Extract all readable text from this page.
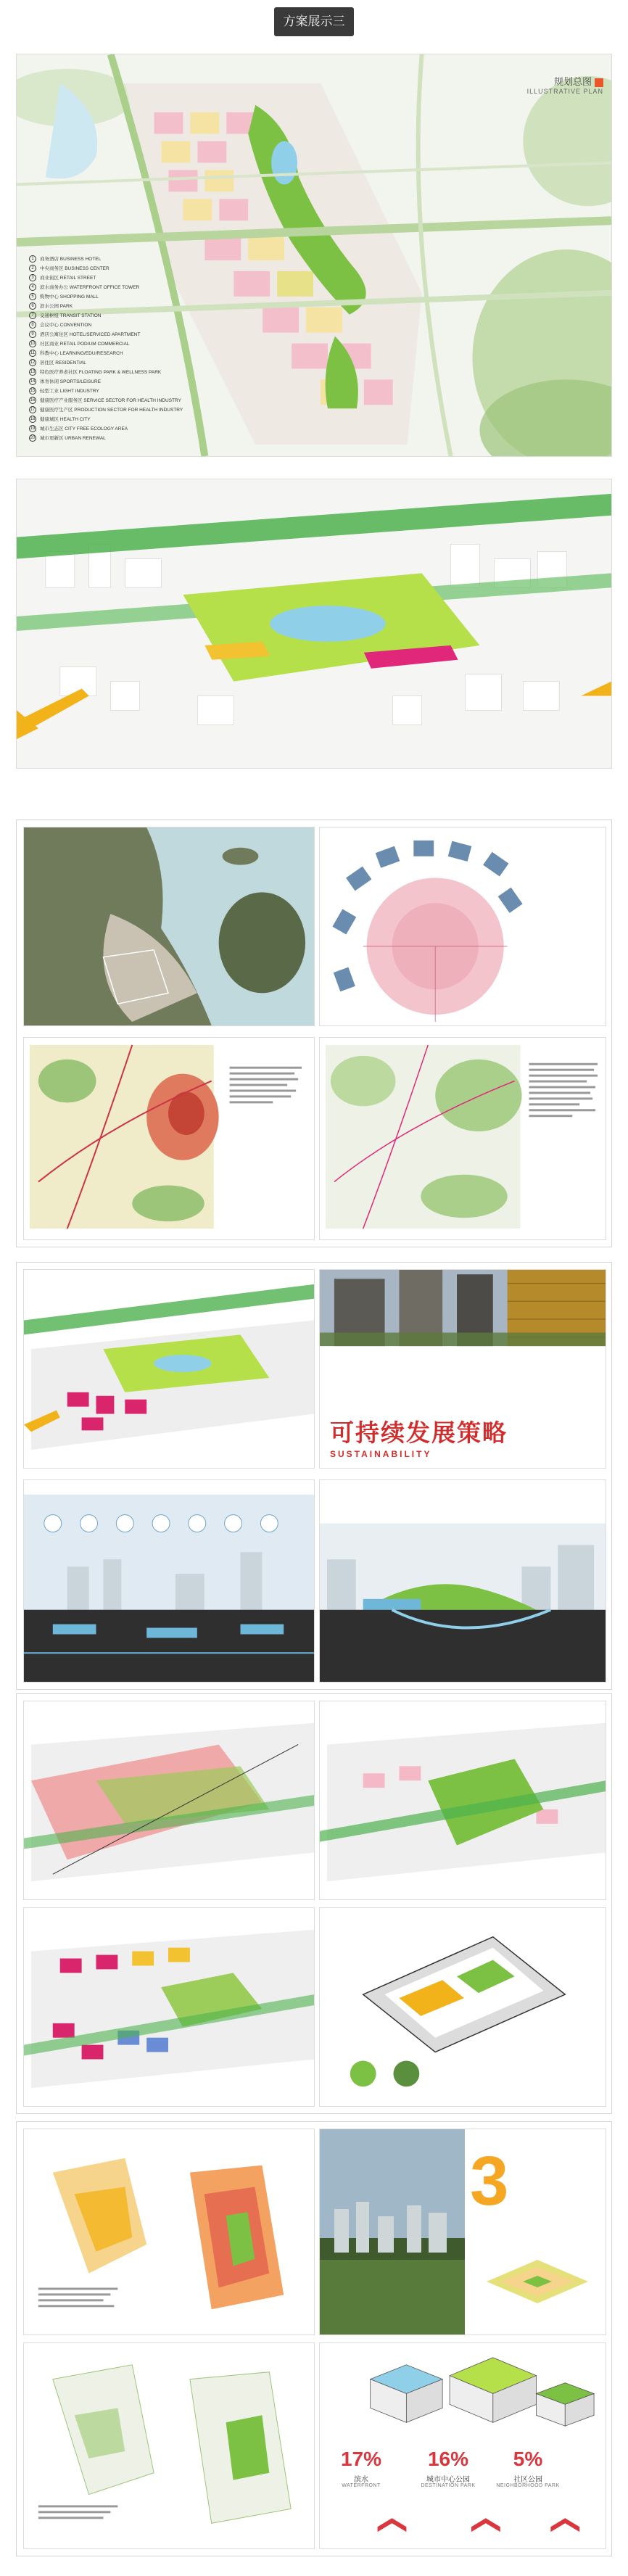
方案展示三
规划总图
ILLUSTRATIVE PLAN
1	商务酒店 BUSINESS HOTEL
2	中央商务区 BUSINESS CENTER
3	商业街区 RETAIL STREET
4	滨水商务办公 WATERFRONT OFFICE TOWER
5	购物中心 SHOPPING MALL
6	滨水公园 PARK
7	交通枢纽 TRANSIT STATION
8	会议中心 CONVENTION
9	酒店公寓住区 HOTEL/SERVICED APARTMENT
10 社区商业 RETAIL PODIUM COMMERCIAL
11 科教中心 LEARNING/EDU/RESEARCH
12 居住区 RESIDENTIAL
13 特色医疗养老社区 FLOATING PARK & WELLNESS PARK
14 体育休闲 SPORTS/LEISURE
15 轻型工业 LIGHT INDUSTRY
16 健康医疗产业服务区 SERVICE SECTOR FOR HEALTH INDUSTRY
17 健康医疗生产区 PRODUCTION SECTOR FOR HEALTH INDUSTRY
18 健康城区 HEALTH CITY
19 城市生态区 CITY FREE ECOLOGY AREA
20 城市更新区 URBAN RENEWAL
可持续发展策略
SUSTAINABILITY
3
17%
滨水
WATERFRONT
16%
城市中心公园
DESTINATION PARK
5%
社区公园
NEIGHBORHOOD PARK
